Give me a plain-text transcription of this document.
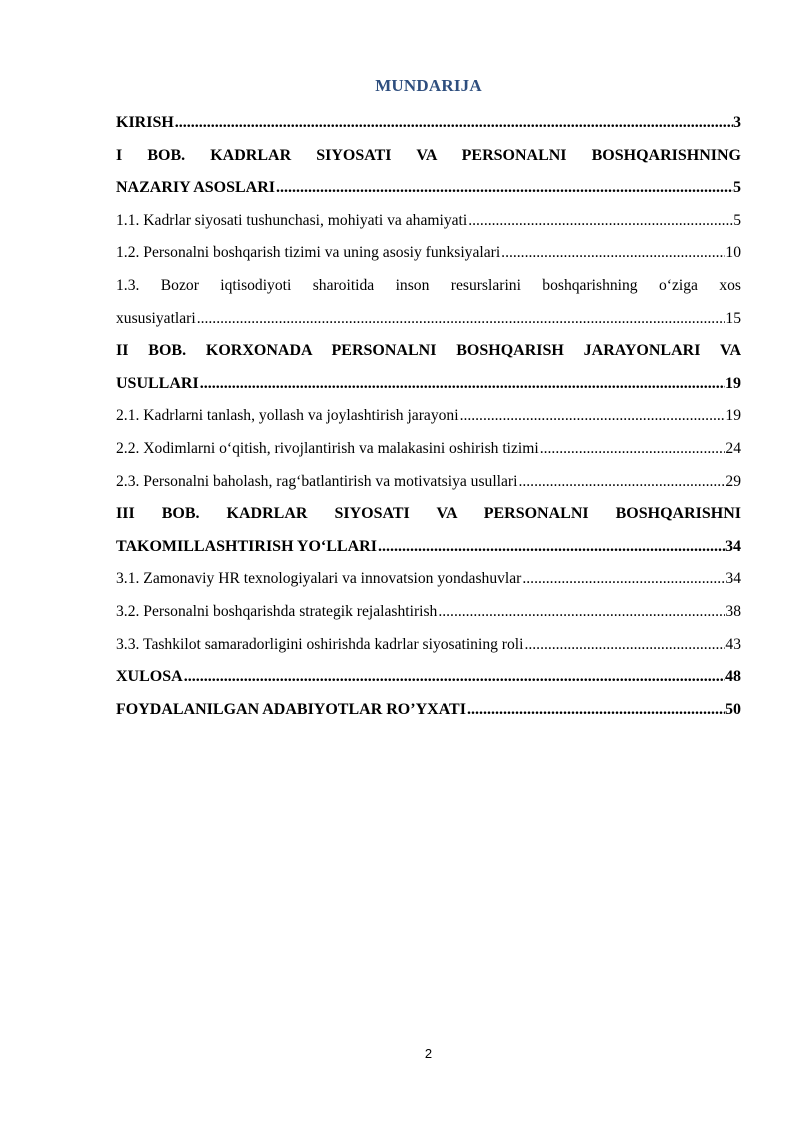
MUNDARIJA
KIRISH .....	3
I BOB. KADRLAR SIYOSATI VA PERSONALNI BOSHQARISHNING
NAZARIY ASOSLARI .....	5
1.1. Kadrlar siyosati tushunchasi, mohiyati va ahamiyati .....	5
1.2. Personalni boshqarish tizimi va uning asosiy funksiyalari .....	10
1.3. Bozor iqtisodiyoti sharoitida inson resurslarini boshqarishning o‘ziga xos
xususiyatlari .....	15
II BOB. KORXONADA PERSONALNI BOSHQARISH JARAYONLARI VA
USULLARI .....	19
2.1. Kadrlarni tanlash, yollash va joylashtirish jarayoni .....	19
2.2. Xodimlarni o‘qitish, rivojlantirish va malakasini oshirish tizimi .....	24
2.3. Personalni baholash, rag‘batlantirish va motivatsiya usullari .....	29
III BOB. KADRLAR SIYOSATI VA PERSONALNI BOSHQARISHNI
TAKOMILLASHTIRISH YO‘LLARI .....	34
3.1. Zamonaviy HR texnologiyalari va innovatsion yondashuvlar .....	34
3.2. Personalni boshqarishda strategik rejalashtirish .....	38
3.3. Tashkilot samaradorligini oshirishda kadrlar siyosatining roli .....	43
XULOSA .....	48
FOYDALANILGAN ADABIYOTLAR RO’YXATI .....	50
2
